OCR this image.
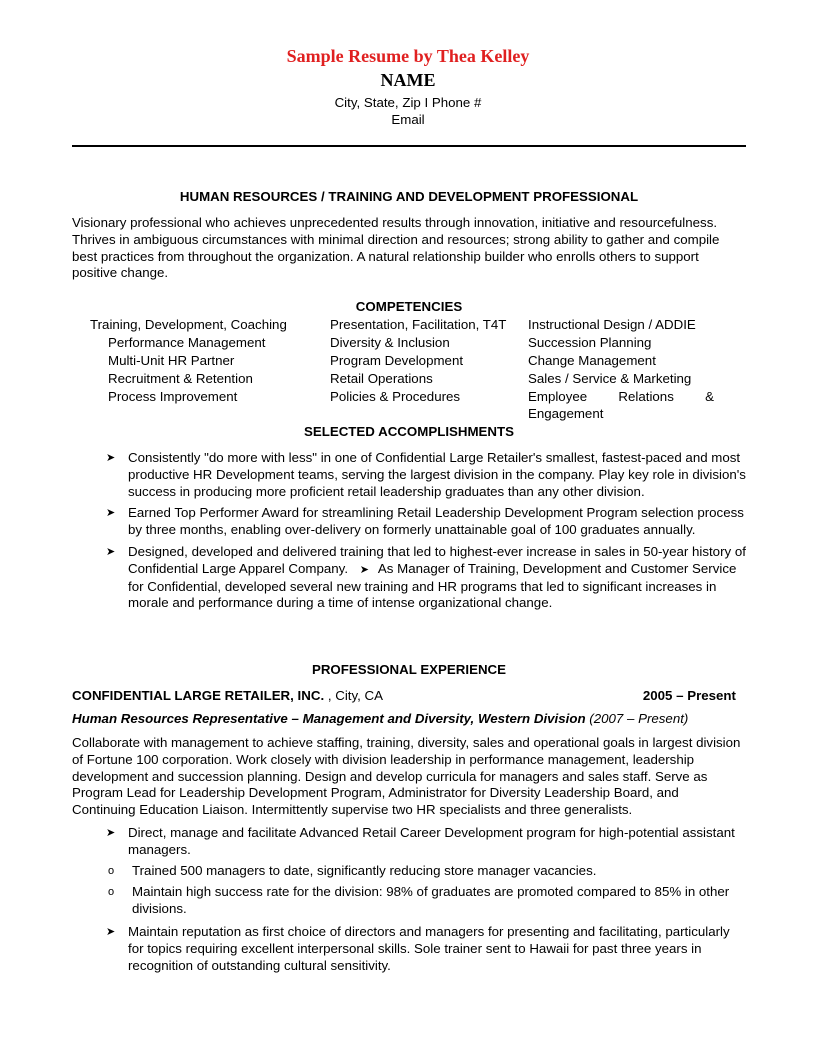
Sample Resume by Thea Kelley
NAME
City, State, Zip I Phone #
Email
HUMAN RESOURCES / TRAINING AND DEVELOPMENT PROFESSIONAL
Visionary professional who achieves unprecedented results through innovation, initiative and resourcefulness. Thrives in ambiguous circumstances with minimal direction and resources; strong ability to gather and compile best practices from throughout the organization. A natural relationship builder who enrolls others to support positive change.
COMPETENCIES
Training, Development, Coaching
Performance Management
Multi-Unit HR Partner
Recruitment & Retention
Process Improvement
Presentation, Facilitation, T4T
Diversity & Inclusion
Program Development
Retail Operations
Policies & Procedures
Instructional Design / ADDIE
Succession Planning
Change Management
Sales / Service & Marketing
Employee Relations & Engagement
SELECTED ACCOMPLISHMENTS
➤ Consistently "do more with less" in one of Confidential Large Retailer's smallest, fastest-paced and most productive HR Development teams, serving the largest division in the company. Play key role in division's success in producing more proficient retail leadership graduates than any other division.
➤ Earned Top Performer Award for streamlining Retail Leadership Development Program selection process by three months, enabling over-delivery on formerly unattainable goal of 100 graduates annually.
➤ Designed, developed and delivered training that led to highest-ever increase in sales in 50-year history of Confidential Large Apparel Company. ➤ As Manager of Training, Development and Customer Service for Confidential, developed several new training and HR programs that led to significant increases in morale and performance during a time of intense organizational change.
PROFESSIONAL EXPERIENCE
CONFIDENTIAL LARGE RETAILER, INC. , City, CA	2005 – Present
Human Resources Representative – Management and Diversity, Western Division (2007 – Present)
Collaborate with management to achieve staffing, training, diversity, sales and operational goals in largest division of Fortune 100 corporation. Work closely with division leadership in performance management, leadership development and succession planning. Design and develop curricula for managers and sales staff. Serve as Program Lead for Leadership Development Program, Administrator for Diversity Leadership Board, and Continuing Education Liaison. Intermittently supervise two HR specialists and three generalists.
➤ Direct, manage and facilitate Advanced Retail Career Development program for high-potential assistant managers.
o Trained 500 managers to date, significantly reducing store manager vacancies.
o Maintain high success rate for the division: 98% of graduates are promoted compared to 85% in other divisions.
➤ Maintain reputation as first choice of directors and managers for presenting and facilitating, particularly for topics requiring excellent interpersonal skills. Sole trainer sent to Hawaii for past three years in recognition of outstanding cultural sensitivity.
